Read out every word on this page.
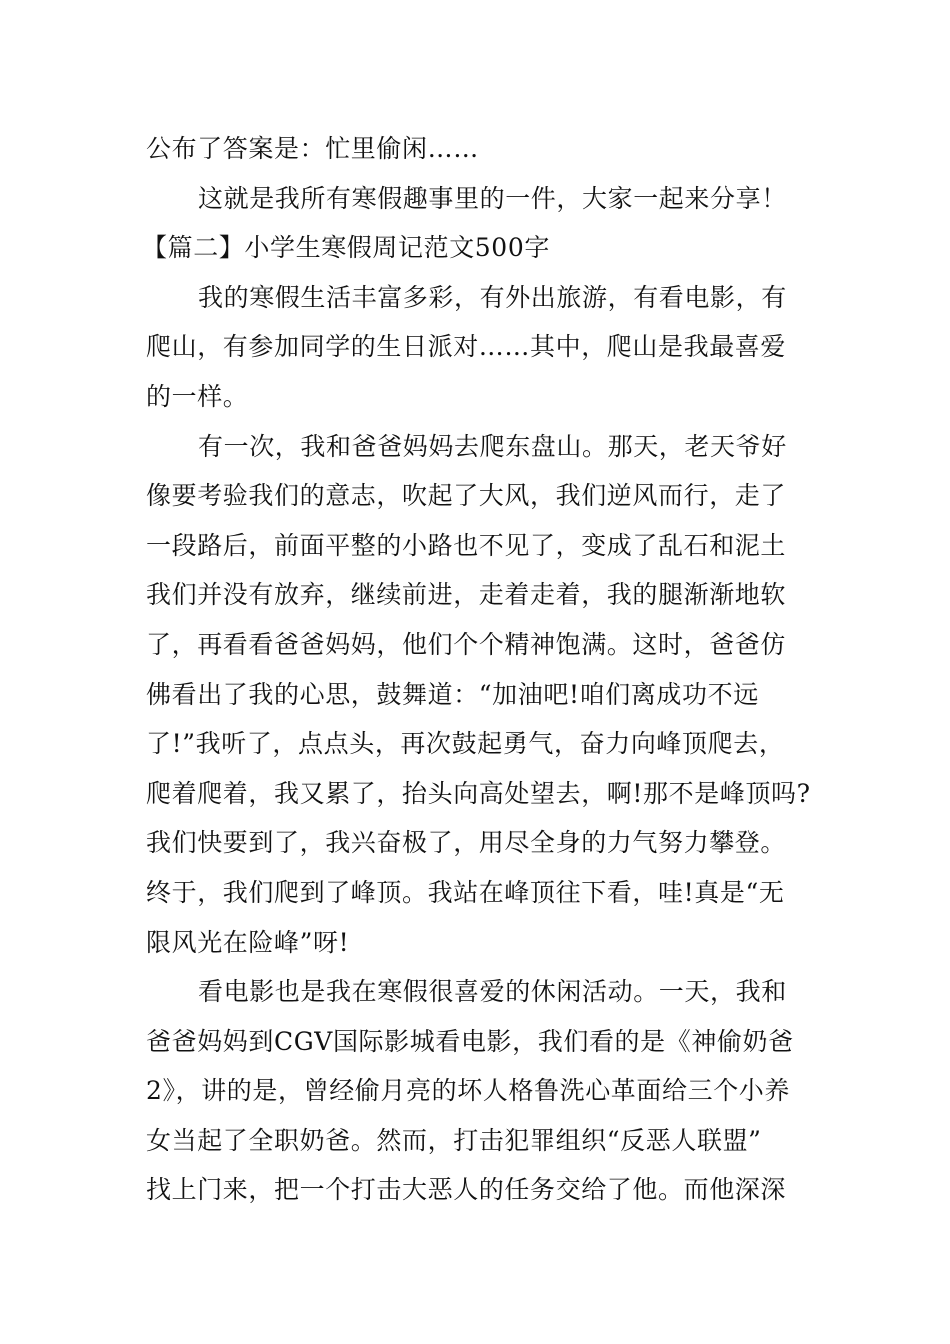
公布了答案是：忙里偷闲……
这就是我所有寒假趣事里的一件，大家一起来分享！
【篇二】小学生寒假周记范文500字
我的寒假生活丰富多彩，有外出旅游，有看电影，有
爬山，有参加同学的生日派对……其中，爬山是我最喜爱
的一样。
有一次，我和爸爸妈妈去爬东盘山。那天，老天爷好
像要考验我们的意志，吹起了大风，我们逆风而行，走了
一段路后，前面平整的小路也不见了，变成了乱石和泥土
我们并没有放弃，继续前进，走着走着，我的腿渐渐地软
了，再看看爸爸妈妈，他们个个精神饱满。这时，爸爸仿
佛看出了我的心思，鼓舞道：“加油吧!咱们离成功不远
了!”我听了，点点头，再次鼓起勇气，奋力向峰顶爬去，
爬着爬着，我又累了，抬头向高处望去，啊!那不是峰顶吗?
我们快要到了，我兴奋极了，用尽全身的力气努力攀登。
终于，我们爬到了峰顶。我站在峰顶往下看，哇!真是“无
限风光在险峰”呀!
看电影也是我在寒假很喜爱的休闲活动。一天，我和
爸爸妈妈到CGV国际影城看电影，我们看的是《神偷奶爸
2》，讲的是，曾经偷月亮的坏人格鲁洗心革面给三个小养
女当起了全职奶爸。然而，打击犯罪组织“反恶人联盟”
找上门来，把一个打击大恶人的任务交给了他。而他深深
